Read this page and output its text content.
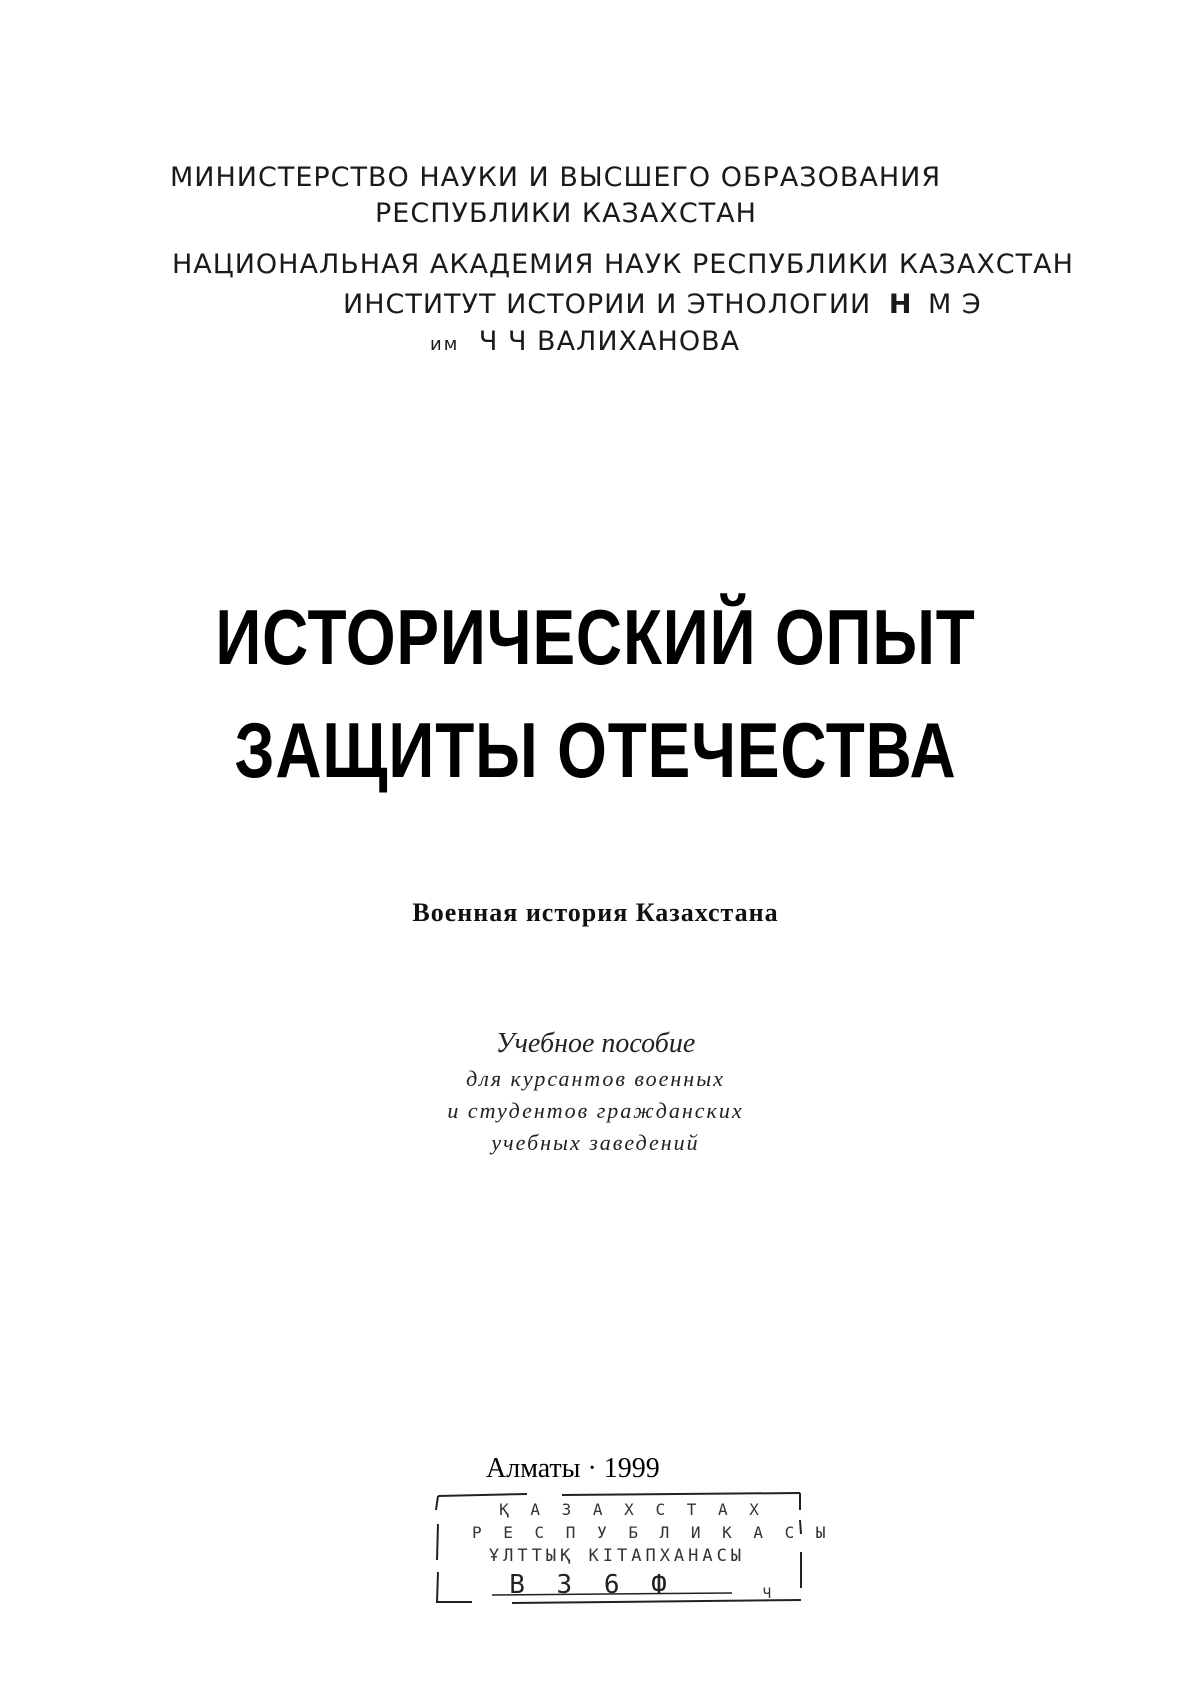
МИНИСТЕРСТВО НАУКИ И ВЫСШЕГО ОБРАЗОВАНИЯ
РЕСПУБЛИКИ КАЗАХСТАН
НАЦИОНАЛЬНАЯ АКАДЕМИЯ НАУК РЕСПУБЛИКИ КАЗАХСТАН
ИНСТИТУТ ИСТОРИИ И ЭТНОЛОГИИ Н М Э
им Ч Ч ВАЛИХАНОВА
ИСТОРИЧЕСКИЙ ОПЫТ
ЗАЩИТЫ ОТЕЧЕСТВА
Военная история Казахстана
Учебное пособие
для курсантов военных
и студентов гражданских
учебных заведений
Алматы · 1999
Қ А З А Х С Т А Х
Р Е С П У Б Л И К А С Ы
ҰЛТТЫҚ КІТАПХАНАСЫ
В 3 6 Ф	Ч
